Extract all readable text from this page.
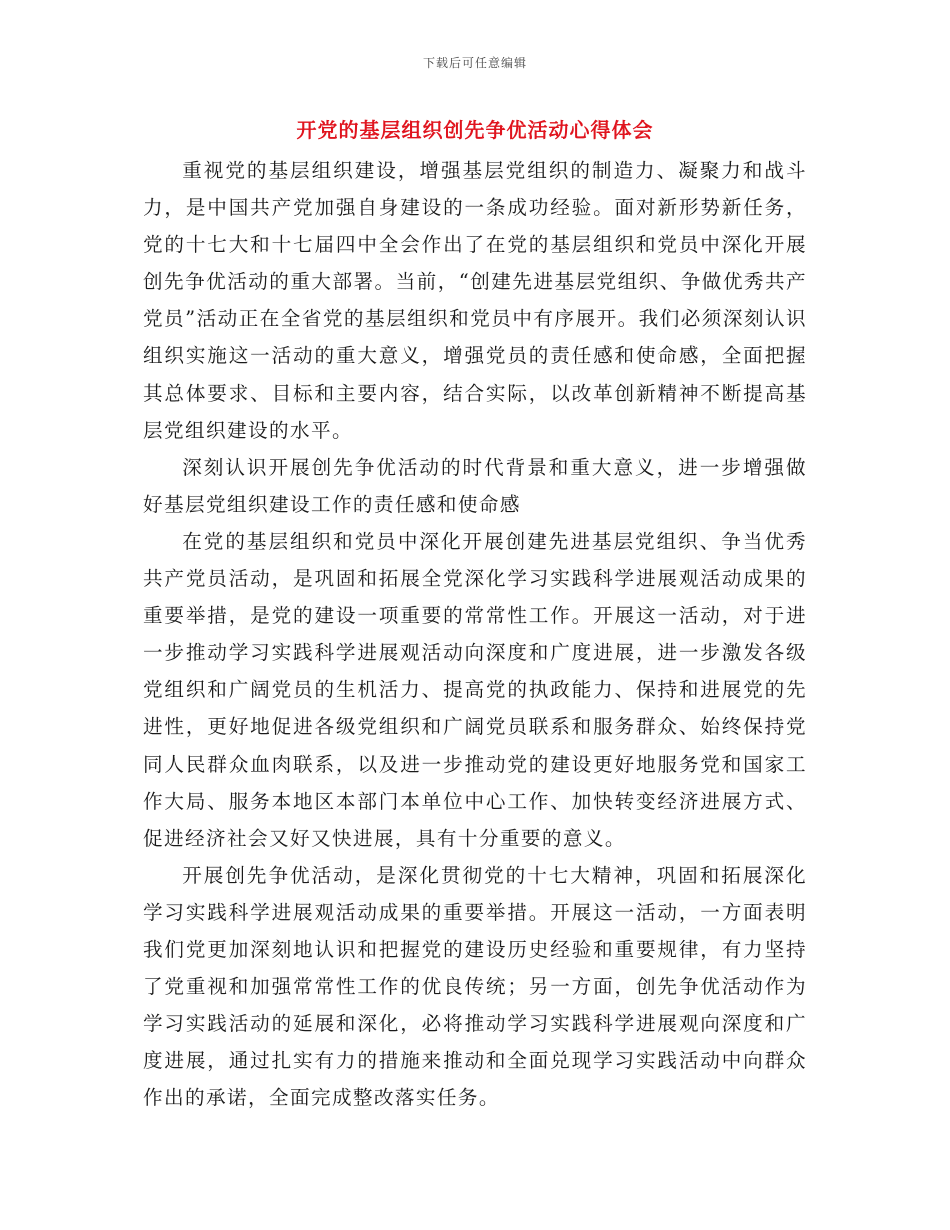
下载后可任意编辑
开党的基层组织创先争优活动心得体会

重视党的基层组织建设，增强基层党组织的制造力、凝聚力和战斗力，是中国共产党加强自身建设的一条成功经验。面对新形势新任务，党的十七大和十七届四中全会作出了在党的基层组织和党员中深化开展创先争优活动的重大部署。当前，“创建先进基层党组织、争做优秀共产党员”活动正在全省党的基层组织和党员中有序展开。我们必须深刻认识组织实施这一活动的重大意义，增强党员的责任感和使命感，全面把握其总体要求、目标和主要内容，结合实际，以改革创新精神不断提高基层党组织建设的水平。

深刻认识开展创先争优活动的时代背景和重大意义，进一步增强做好基层党组织建设工作的责任感和使命感

在党的基层组织和党员中深化开展创建先进基层党组织、争当优秀共产党员活动，是巩固和拓展全党深化学习实践科学进展观活动成果的重要举措，是党的建设一项重要的常常性工作。开展这一活动，对于进一步推动学习实践科学进展观活动向深度和广度进展，进一步激发各级党组织和广阔党员的生机活力、提高党的执政能力、保持和进展党的先进性，更好地促进各级党组织和广阔党员联系和服务群众、始终保持党同人民群众血肉联系，以及进一步推动党的建设更好地服务党和国家工作大局、服务本地区本部门本单位中心工作、加快转变经济进展方式、促进经济社会又好又快进展，具有十分重要的意义。

开展创先争优活动，是深化贯彻党的十七大精神，巩固和拓展深化学习实践科学进展观活动成果的重要举措。开展这一活动，一方面表明我们党更加深刻地认识和把握党的建设历史经验和重要规律，有力坚持了党重视和加强常常性工作的优良传统；另一方面，创先争优活动作为学习实践活动的延展和深化，必将推动学习实践科学进展观向深度和广度进展，通过扎实有力的措施来推动和全面兑现学习实践活动中向群众作出的承诺，全面完成整改落实任务。
